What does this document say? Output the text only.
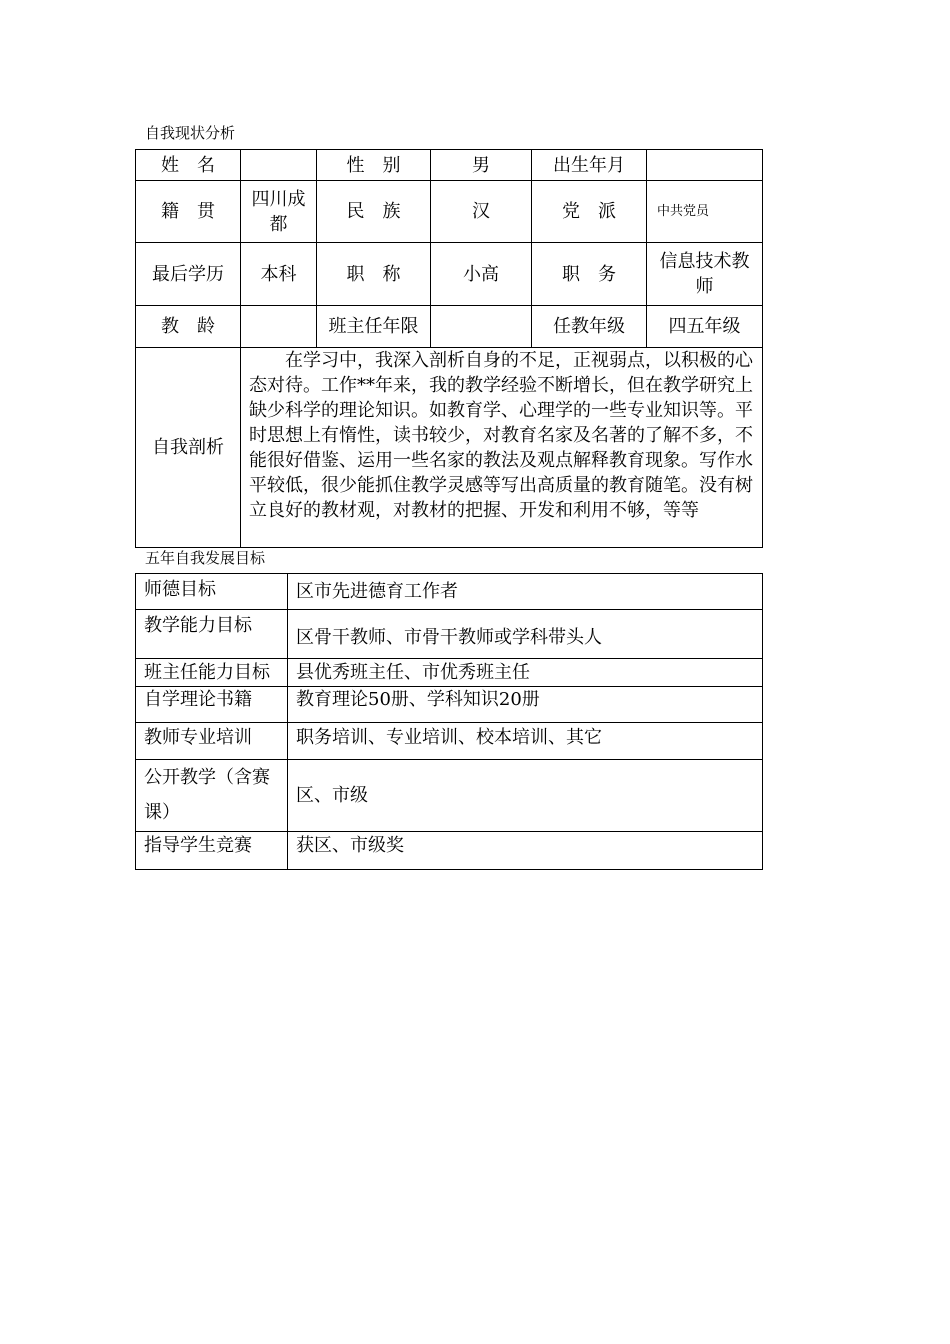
自我现状分析
姓　名		性　别	男	出生年月	
籍　贯	四川成都	民　族	汉	党　派	中共党员
最后学历	本科	职　称	小高	职　务	信息技术教师
教　龄		班主任年限		任教年级	四五年级
自我剖析	在学习中，我深入剖析自身的不足，正视弱点，以积极的心态对待。工作**年来，我的教学经验不断增长，但在教学研究上缺少科学的理论知识。如教育学、心理学的一些专业知识等。平时思想上有惰性，读书较少，对教育名家及名著的了解不多，不能很好借鉴、运用一些名家的教法及观点解释教育现象。写作水平较低，很少能抓住教学灵感等写出高质量的教育随笔。没有树立良好的教材观，对教材的把握、开发和利用不够，等等				
五年自我发展目标
师德目标	区市先进德育工作者
教学能力目标	区骨干教师、市骨干教师或学科带头人
班主任能力目标	县优秀班主任、市优秀班主任
自学理论书籍	教育理论50册、学科知识20册
教师专业培训	职务培训、专业培训、校本培训、其它
公开教学（含赛课）	区、市级
指导学生竞赛	获区、市级奖
